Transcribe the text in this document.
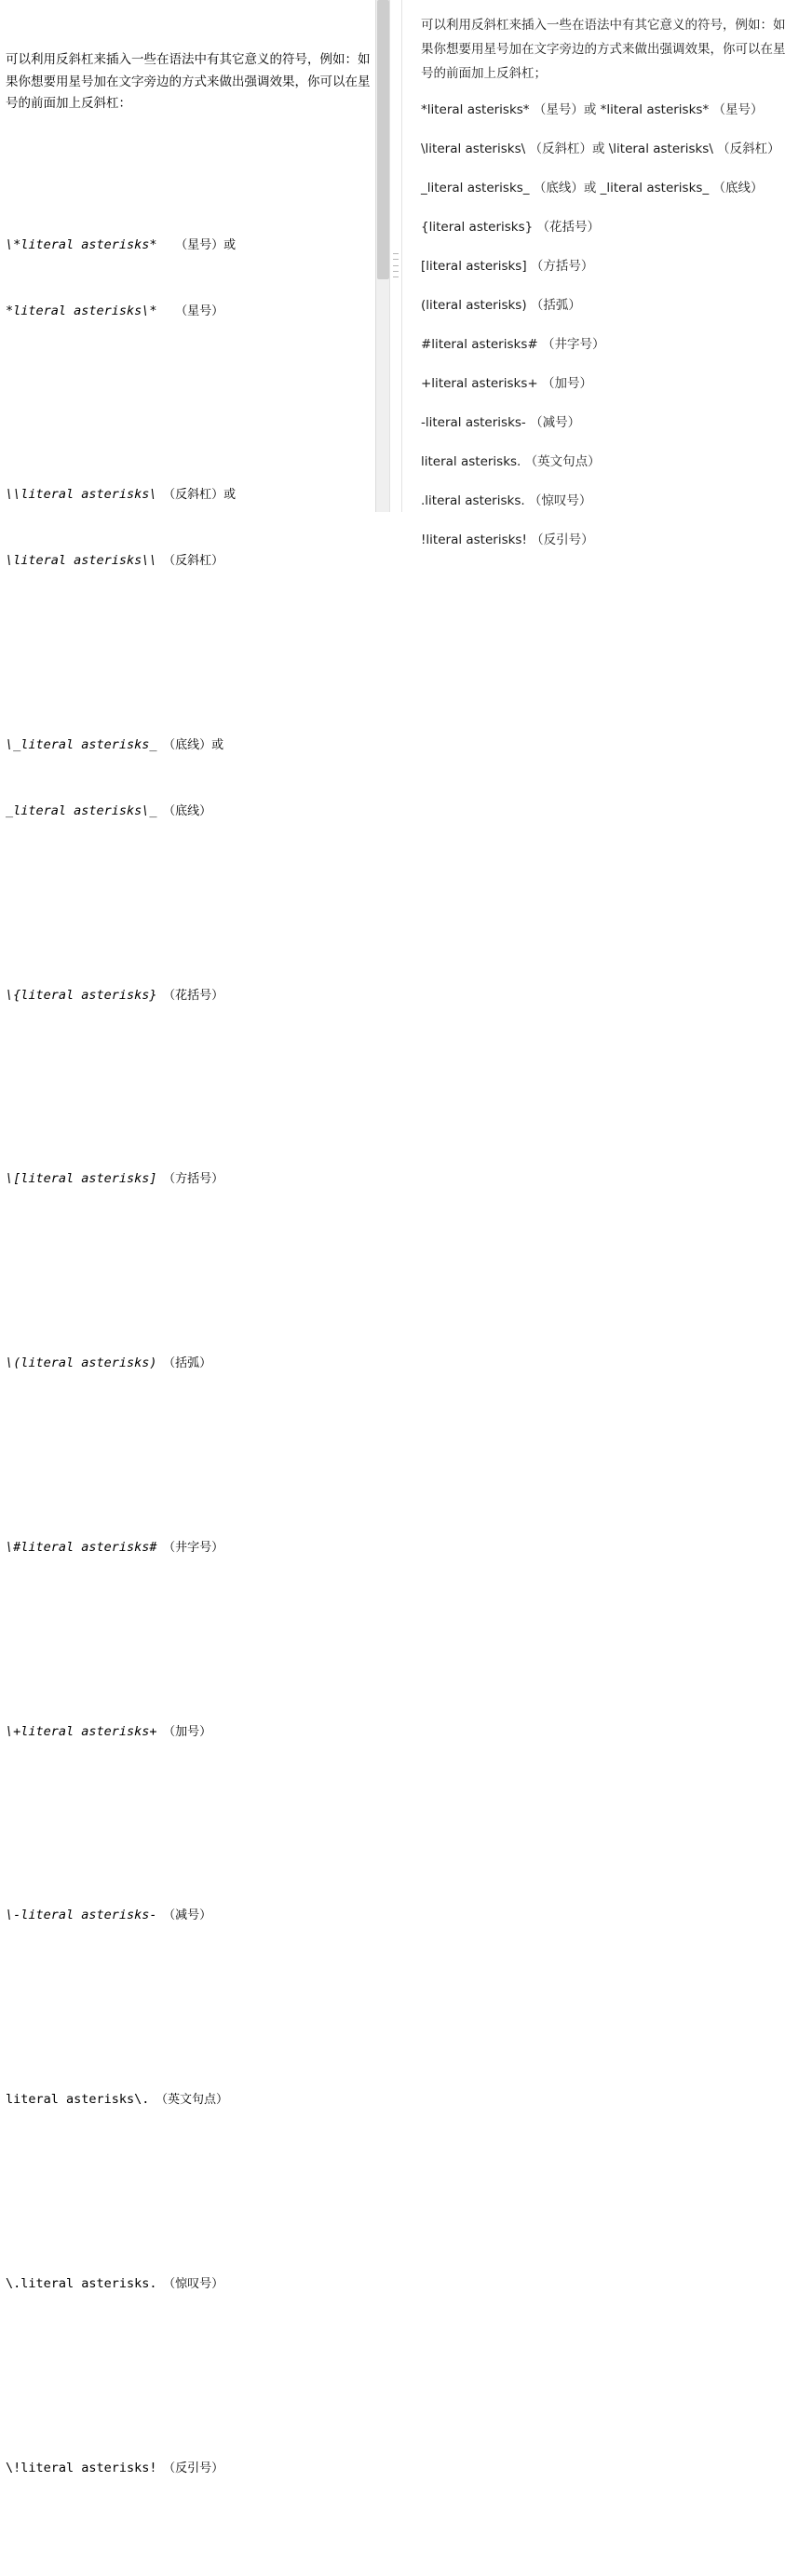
可以利用反斜杠来插入一些在语法中有其它意义的符号，例如：如果你想要用星号加在文字旁边的方式来做出强调效果，你可以在星号的前面加上反斜杠：

\*literal asterisks*　　（星号）或

*literal asterisks\*　　（星号）

\\literal asterisks\　（反斜杠）或

\literal asterisks\\　（反斜杠）

\_literal asterisks_　（底线）或

_literal asterisks\_　（底线）

\{literal asterisks}　（花括号）

\[literal asterisks]　（方括号）

\(literal asterisks)　（括弧）

\#literal asterisks#　（井字号）

\+literal asterisks+　（加号）

\-literal asterisks-　（减号）

literal asterisks\.　（英文句点）

\.literal asterisks.　（惊叹号）

\!literal asterisks!　（反引号）

可以利用反斜杠来插入一些在语法中有其它意义的符号，例如：如果你想要用星号加在文字旁边的方式来做出强调效果，你可以在星号的前面加上反斜杠；

*literal asterisks* （星号）或 *literal asterisks* （星号）

\literal asterisks\ （反斜杠）或 \literal asterisks\ （反斜杠）

_literal asterisks_ （底线）或 _literal asterisks_ （底线）

{literal asterisks} （花括号）

[literal asterisks] （方括号）

(literal asterisks) （括弧）

#literal asterisks# （井字号）

+literal asterisks+ （加号）

-literal asterisks- （减号）

literal asterisks. （英文句点）

.literal asterisks. （惊叹号）

!literal asterisks! （反引号）
